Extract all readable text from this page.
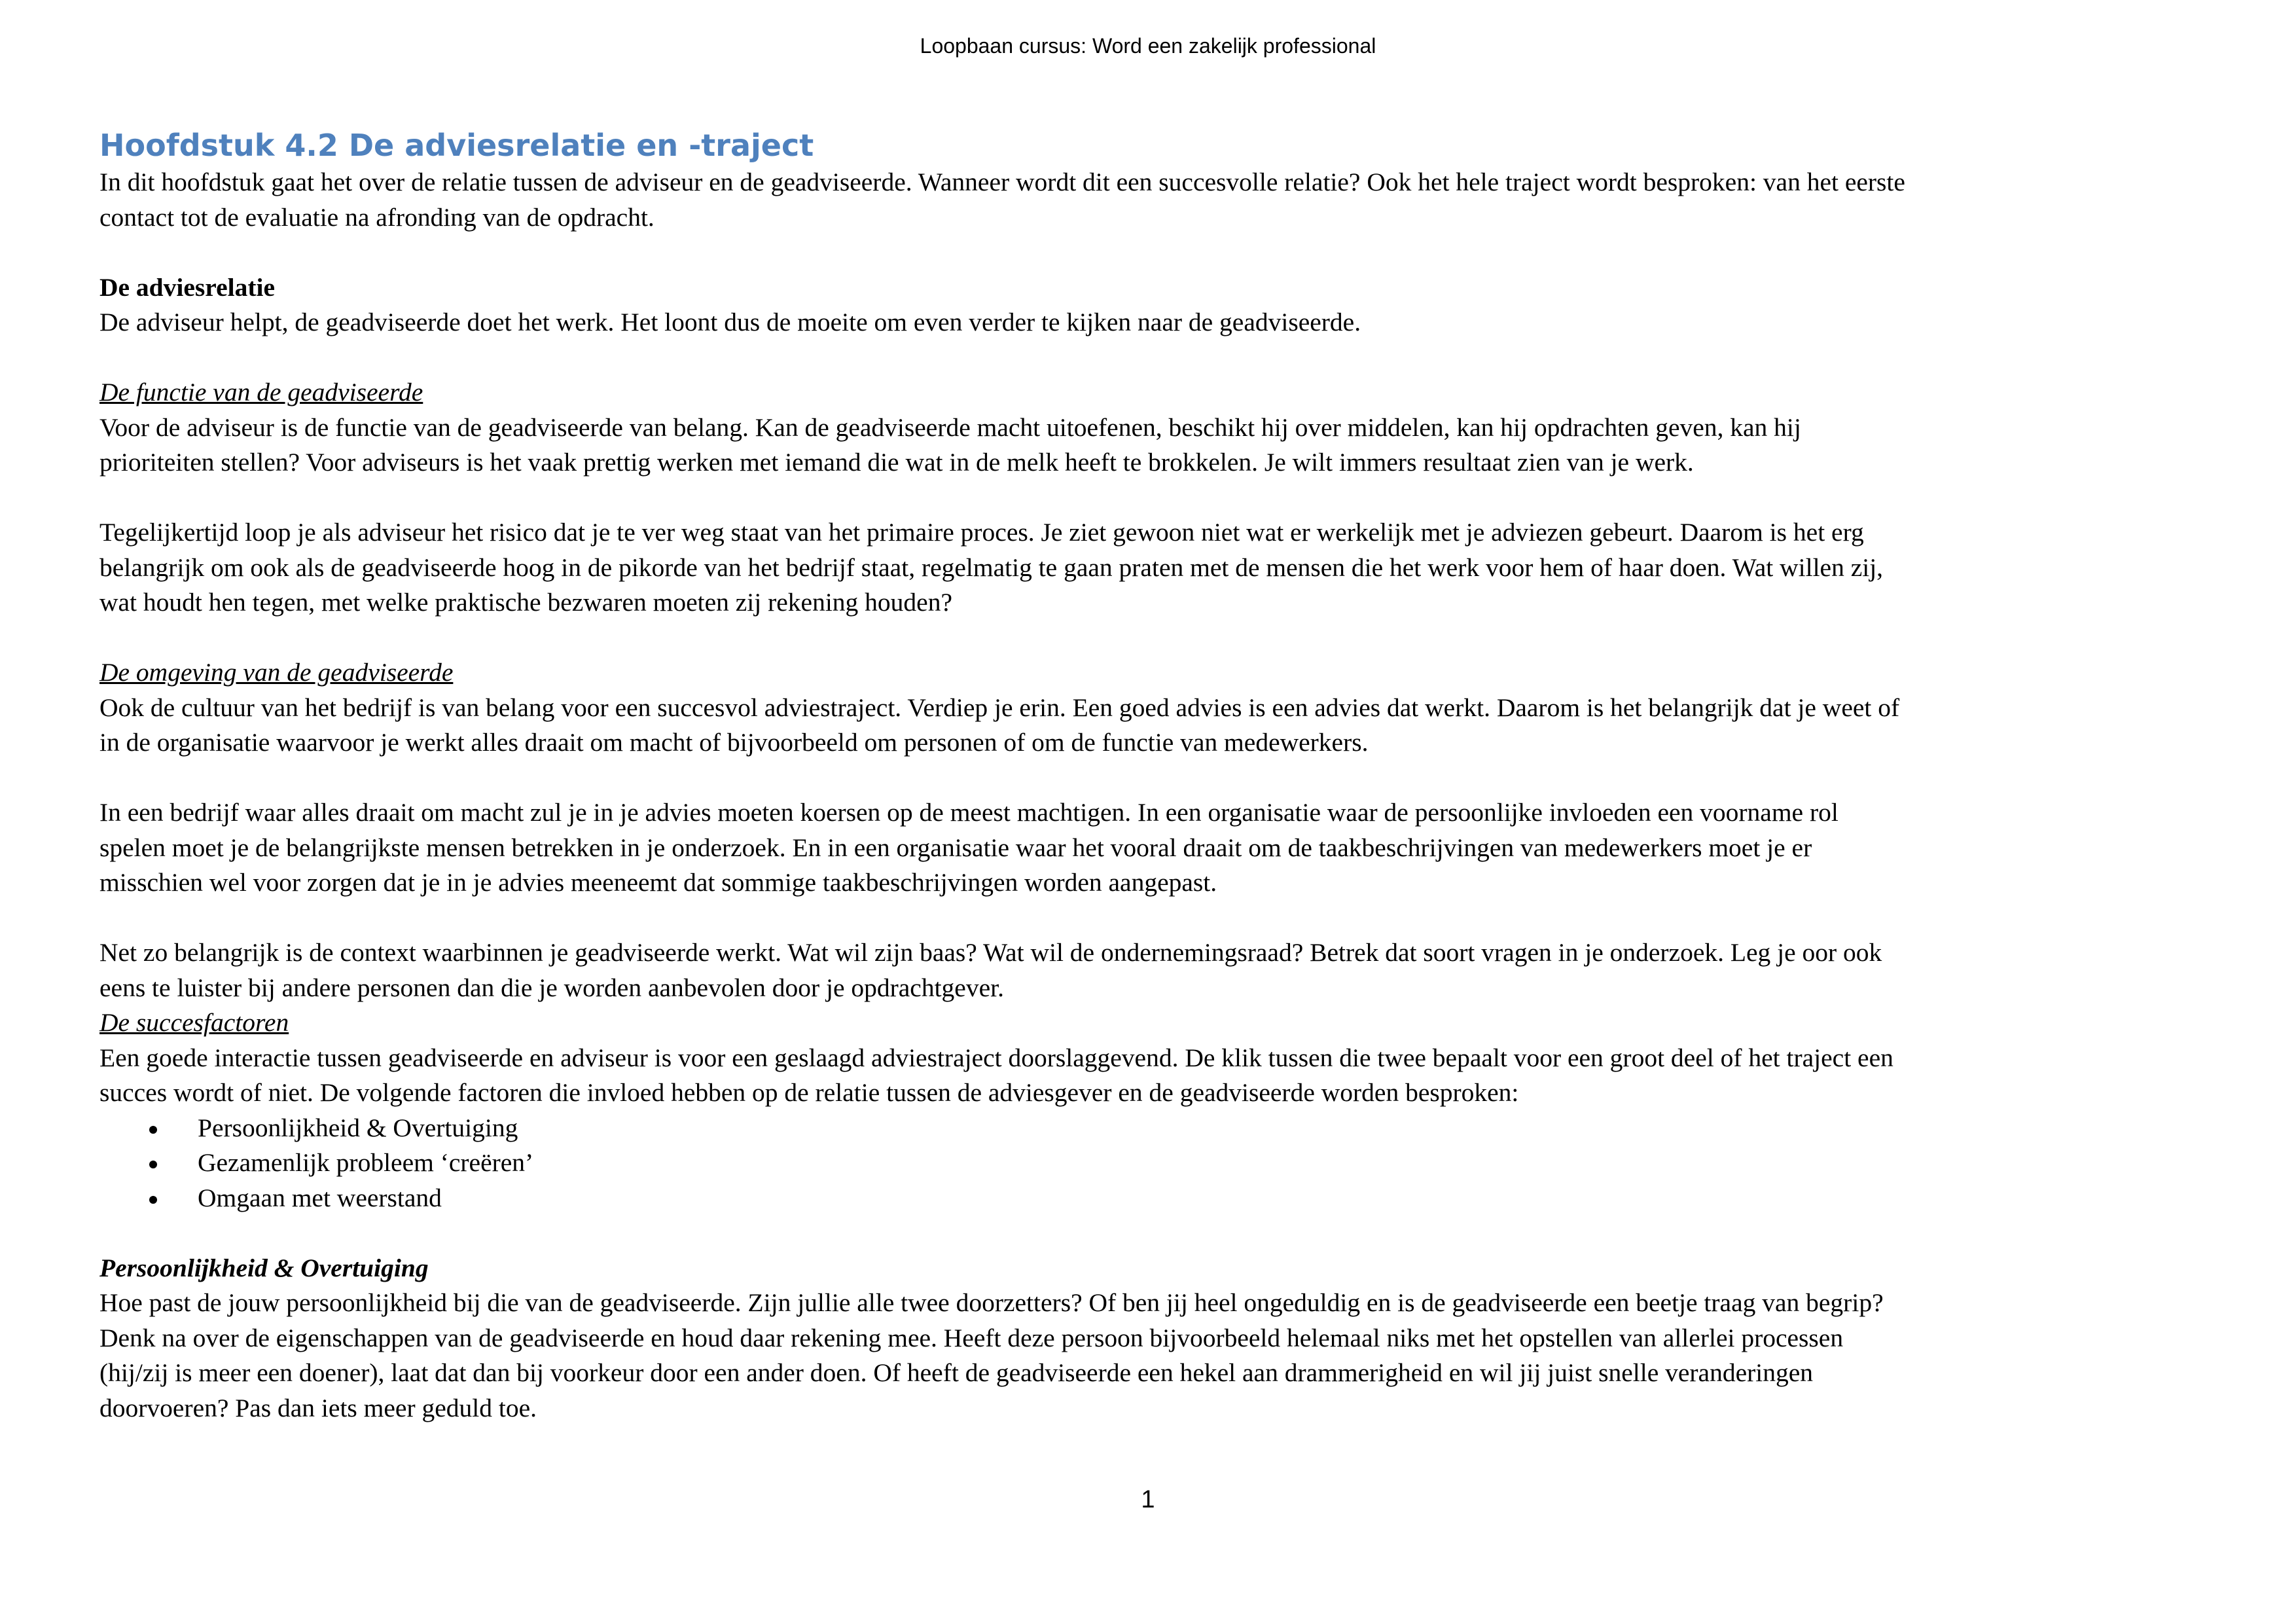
Loopbaan cursus: Word een zakelijk professional
Hoofdstuk 4.2 De adviesrelatie en -traject

In dit hoofdstuk gaat het over de relatie tussen de adviseur en de geadviseerde. Wanneer wordt dit een succesvolle relatie? Ook het hele traject wordt besproken: van het eerste
contact tot de evaluatie na afronding van de opdracht.

De adviesrelatie

De adviseur helpt, de geadviseerde doet het werk. Het loont dus de moeite om even verder te kijken naar de geadviseerde.

De functie van de geadviseerde

Voor de adviseur is de functie van de geadviseerde van belang. Kan de geadviseerde macht uitoefenen, beschikt hij over middelen, kan hij opdrachten geven, kan hij
prioriteiten stellen? Voor adviseurs is het vaak prettig werken met iemand die wat in de melk heeft te brokkelen. Je wilt immers resultaat zien van je werk.

Tegelijkertijd loop je als adviseur het risico dat je te ver weg staat van het primaire proces. Je ziet gewoon niet wat er werkelijk met je adviezen gebeurt. Daarom is het erg
belangrijk om ook als de geadviseerde hoog in de pikorde van het bedrijf staat, regelmatig te gaan praten met de mensen die het werk voor hem of haar doen. Wat willen zij,
wat houdt hen tegen, met welke praktische bezwaren moeten zij rekening houden?

De omgeving van de geadviseerde

Ook de cultuur van het bedrijf is van belang voor een succesvol adviestraject. Verdiep je erin. Een goed advies is een advies dat werkt. Daarom is het belangrijk dat je weet of
in de organisatie waarvoor je werkt alles draait om macht of bijvoorbeeld om personen of om de functie van medewerkers.

In een bedrijf waar alles draait om macht zul je in je advies moeten koersen op de meest machtigen. In een organisatie waar de persoonlijke invloeden een voorname rol
spelen moet je de belangrijkste mensen betrekken in je onderzoek. En in een organisatie waar het vooral draait om de taakbeschrijvingen van medewerkers moet je er
misschien wel voor zorgen dat je in je advies meeneemt dat sommige taakbeschrijvingen worden aangepast.

Net zo belangrijk is de context waarbinnen je geadviseerde werkt. Wat wil zijn baas? Wat wil de ondernemingsraad? Betrek dat soort vragen in je onderzoek. Leg je oor ook
eens te luister bij andere personen dan die je worden aanbevolen door je opdrachtgever.

De succesfactoren

Een goede interactie tussen geadviseerde en adviseur is voor een geslaagd adviestraject doorslaggevend. De klik tussen die twee bepaalt voor een groot deel of het traject een
succes wordt of niet. De volgende factoren die invloed hebben op de relatie tussen de adviesgever en de geadviseerde worden besproken:

Persoonlijkheid & Overtuiging
Gezamenlijk probleem ‘creëren’
Omgaan met weerstand

Persoonlijkheid & Overtuiging

Hoe past de jouw persoonlijkheid bij die van de geadviseerde. Zijn jullie alle twee doorzetters? Of ben jij heel ongeduldig en is de geadviseerde een beetje traag van begrip?
Denk na over de eigenschappen van de geadviseerde en houd daar rekening mee. Heeft deze persoon bijvoorbeeld helemaal niks met het opstellen van allerlei processen
(hij/zij is meer een doener), laat dat dan bij voorkeur door een ander doen. Of heeft de geadviseerde een hekel aan drammerigheid en wil jij juist snelle veranderingen
doorvoeren? Pas dan iets meer geduld toe.

1
